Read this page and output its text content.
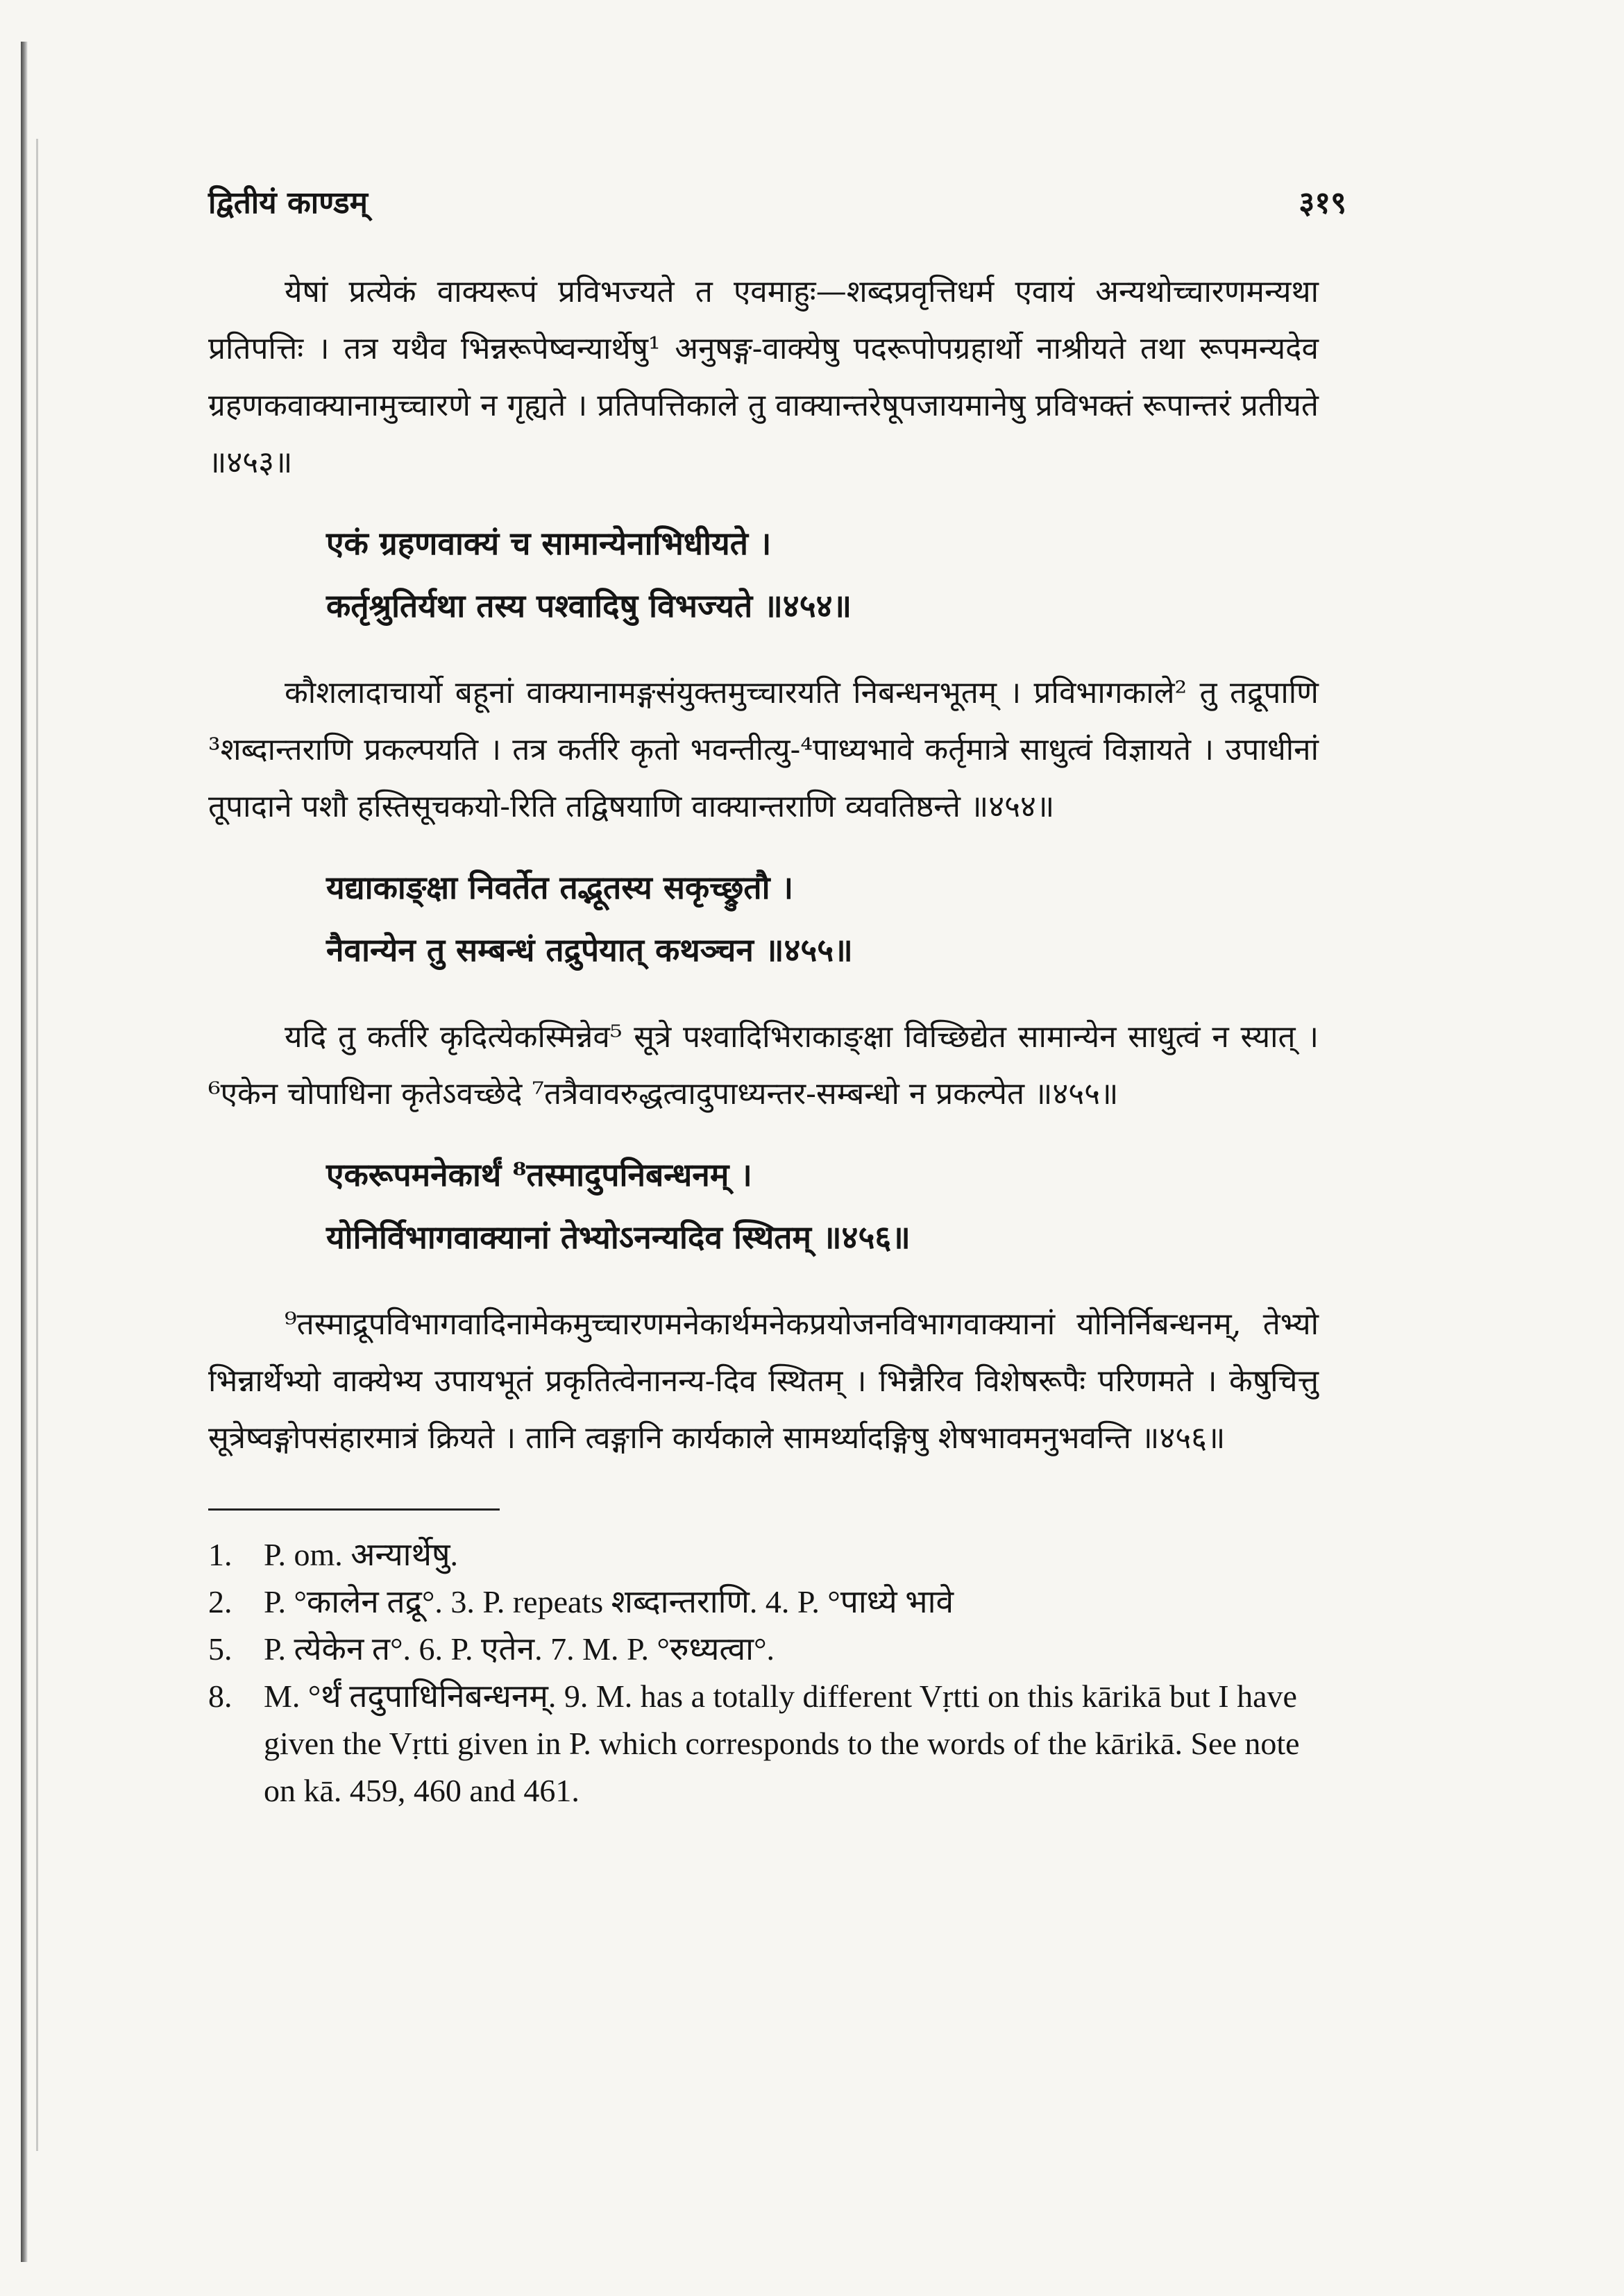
द्वितीयं काण्डम्	३१९

येषां प्रत्येकं वाक्यरूपं प्रविभज्यते त एवमाहुः—शब्दप्रवृत्तिधर्म एवायं अन्यथोच्चारणमन्यथा प्रतिपत्तिः । तत्र यथैव भिन्नरूपेष्वन्यार्थेषु¹ अनुषङ्ग-वाक्येषु पदरूपोपग्रहार्थो नाश्रीयते तथा रूपमन्यदेव ग्रहणकवाक्यानामुच्चारणे न गृह्यते । प्रतिपत्तिकाले तु वाक्यान्तरेषूपजायमानेषु प्रविभक्तं रूपान्तरं प्रतीयते ॥४५३॥

एकं ग्रहणवाक्यं च सामान्येनाभिधीयते ।
कर्तृश्रुतिर्यथा तस्य पश्वादिषु विभज्यते ॥४५४॥

कौशलादाचार्यो बहूनां वाक्यानामङ्गसंयुक्तमुच्चारयति निबन्धनभूतम् । प्रविभागकाले² तु तद्रूपाणि ³शब्दान्तराणि प्रकल्पयति । तत्र कर्तरि कृतो भवन्तीत्यु-⁴पाध्यभावे कर्तृमात्रे साधुत्वं विज्ञायते । उपाधीनां तूपादाने पशौ हस्तिसूचकयो-रिति तद्विषयाणि वाक्यान्तराणि व्यवतिष्ठन्ते ॥४५४॥

यद्याकाङ्क्षा निवर्तेत तद्भूतस्य सकृच्छ्रुतौ ।
नैवान्येन तु सम्बन्धं तद्रुपेयात् कथञ्चन ॥४५५॥

यदि तु कर्तरि कृदित्येकस्मिन्नेव⁵ सूत्रे पश्वादिभिराकाङ्क्षा विच्छिद्येत सामान्येन साधुत्वं न स्यात् ।⁶एकेन चोपाधिना कृतेऽवच्छेदे ⁷तत्रैवावरुद्धत्वादुपाध्यन्तर-सम्बन्धो न प्रकल्पेत ॥४५५॥

एकरूपमनेकार्थं ⁸तस्मादुपनिबन्धनम् ।
योनिर्विभागवाक्यानां तेभ्योऽनन्यदिव स्थितम् ॥४५६॥

⁹तस्माद्रूपविभागवादिनामेकमुच्चारणमनेकार्थमनेकप्रयोजनविभागवाक्यानां योनिर्निबन्धनम्, तेभ्यो भिन्नार्थेभ्यो वाक्येभ्य उपायभूतं प्रकृतित्वेनानन्य-दिव स्थितम् । भिन्नैरिव विशेषरूपैः परिणमते । केषुचित्तु सूत्रेष्वङ्गोपसंहारमात्रं क्रियते । तानि त्वङ्गानि कार्यकाले सामर्थ्यादङ्गिषु शेषभावमनुभवन्ति ॥४५६॥

1. P. om. अन्यार्थेषु.
2. P. °कालेन तद्रू°. 3. P. repeats शब्दान्तराणि. 4. P. °पाध्ये भावे
5. P. त्येकेन त°. 6. P. एतेन. 7. M. P. °रुध्यत्वा°.
8. M. °र्थं तदुपाधिनिबन्धनम्. 9. M. has a totally different Vṛtti on this kārikā but I have given the Vṛtti given in P. which corresponds to the words of the kārikā. See note on kā. 459, 460 and 461.
